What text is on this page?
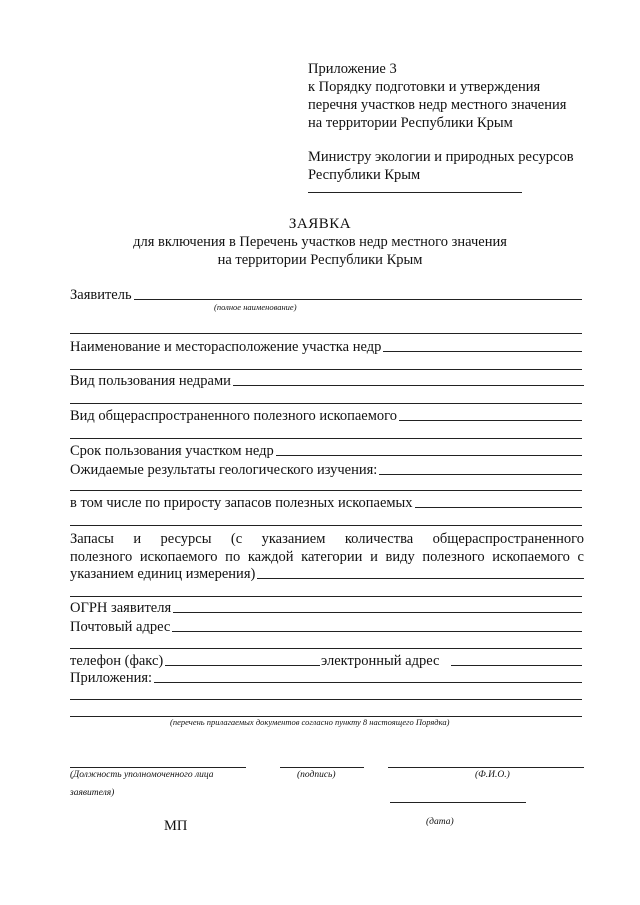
Приложение 3
к Порядку подготовки и утверждения
перечня участков недр местного значения
на территории Республики Крым
Министру экологии и природных ресурсов
Республики Крым
ЗАЯВКА
для включения в Перечень участков недр местного значения
на территории Республики Крым
Заявитель
(полное наименование)
Наименование и месторасположение участка недр
Вид пользования недрами
Вид общераспространенного полезного ископаемого
Срок пользования участком недр
Ожидаемые результаты геологического изучения:
в том числе по приросту запасов полезных ископаемых
Запасы и ресурсы (с указанием количества общераспространенного
полезного ископаемого по каждой категории и виду полезного ископаемого с
указанием единиц измерения)
ОГРН заявителя
Почтовый адрес
телефон (факс)	электронный адрес
Приложения:
(перечень прилагаемых документов согласно пункту 8 настоящего Порядка)
(Должность уполномоченного лица
заявителя)
(подпись)	(Ф.И.О.)
(дата)
МП
